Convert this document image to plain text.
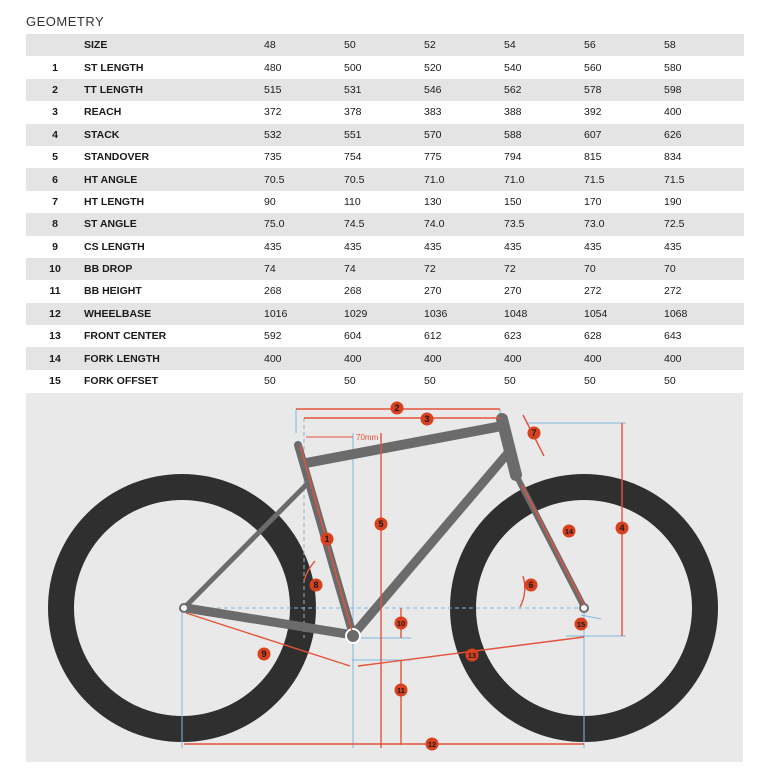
GEOMETRY
	SIZE	48	50	52	54	56	58
1	ST LENGTH	480	500	520	540	560	580
2	TT LENGTH	515	531	546	562	578	598
3	REACH	372	378	383	388	392	400
4	STACK	532	551	570	588	607	626
5	STANDOVER	735	754	775	794	815	834
6	HT ANGLE	70.5	70.5	71.0	71.0	71.5	71.5
7	HT LENGTH	90	110	130	150	170	190
8	ST ANGLE	75.0	74.5	74.0	73.5	73.0	72.5
9	CS LENGTH	435	435	435	435	435	435
10	BB DROP	74	74	72	72	70	70
11	BB HEIGHT	268	268	270	270	272	272
12	WHEELBASE	1016	1029	1036	1048	1054	1068
13	FRONT CENTER	592	604	612	623	628	643
14	FORK LENGTH	400	400	400	400	400	400
15	FORK OFFSET	50	50	50	50	50	50
70mm
1
2
3
4
5
6
7
8
9
10
11
12
13
14
15
